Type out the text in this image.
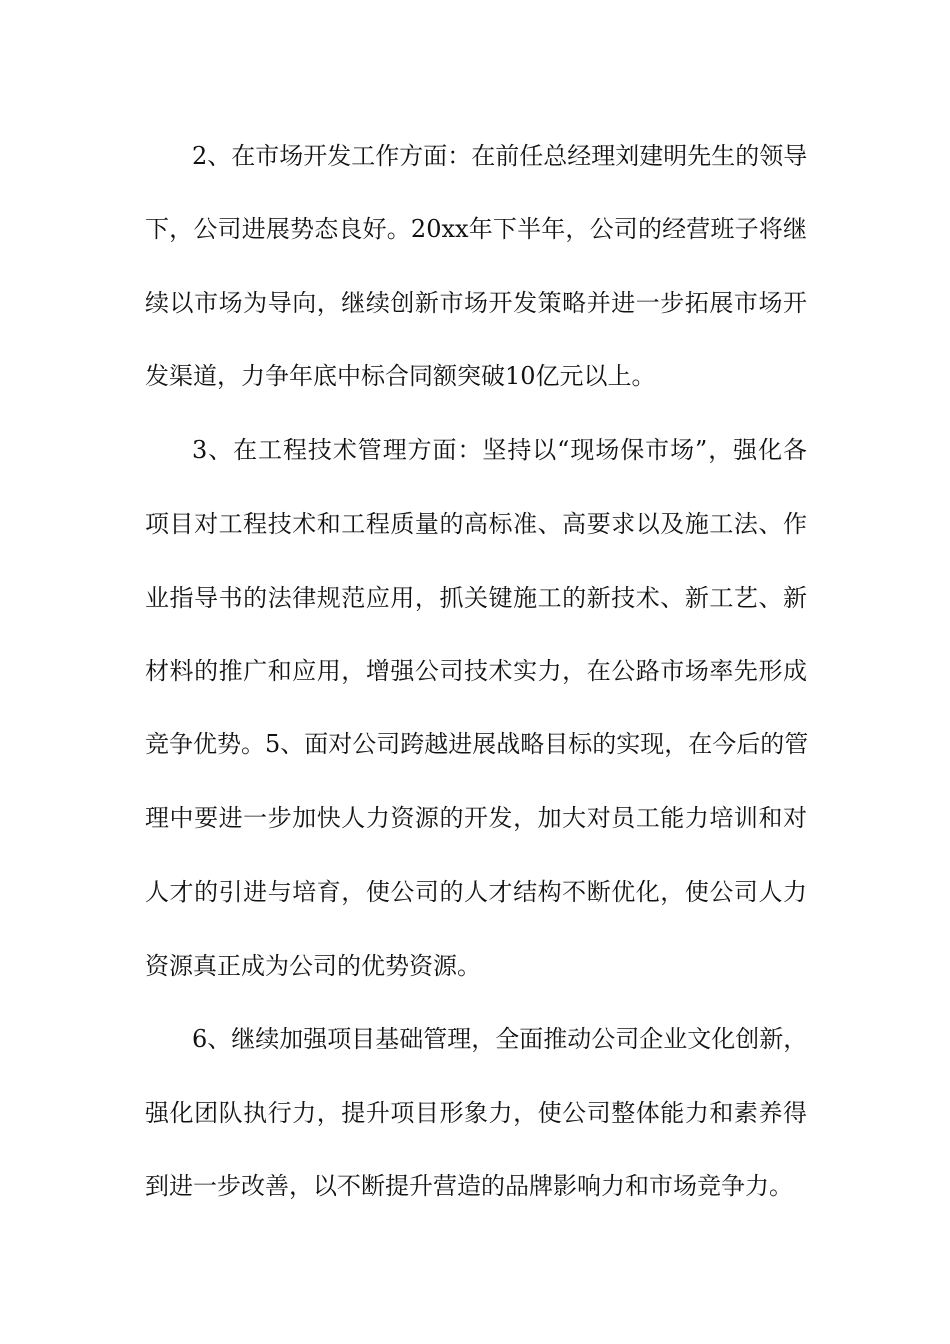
2、在市场开发工作方面：在前任总经理刘建明先生的领导
下，公司进展势态良好。20xx年下半年，公司的经营班子将继
续以市场为导向，继续创新市场开发策略并进一步拓展市场开
发渠道，力争年底中标合同额突破10亿元以上。
3、在工程技术管理方面：坚持以“现场保市场”，强化各
项目对工程技术和工程质量的高标准、高要求以及施工法、作
业指导书的法律规范应用，抓关键施工的新技术、新工艺、新
材料的推广和应用，增强公司技术实力，在公路市场率先形成
竞争优势。5、面对公司跨越进展战略目标的实现，在今后的管
理中要进一步加快人力资源的开发，加大对员工能力培训和对
人才的引进与培育，使公司的人才结构不断优化，使公司人力
资源真正成为公司的优势资源。
6、继续加强项目基础管理，全面推动公司企业文化创新，
强化团队执行力，提升项目形象力，使公司整体能力和素养得
到进一步改善，以不断提升营造的品牌影响力和市场竞争力。
